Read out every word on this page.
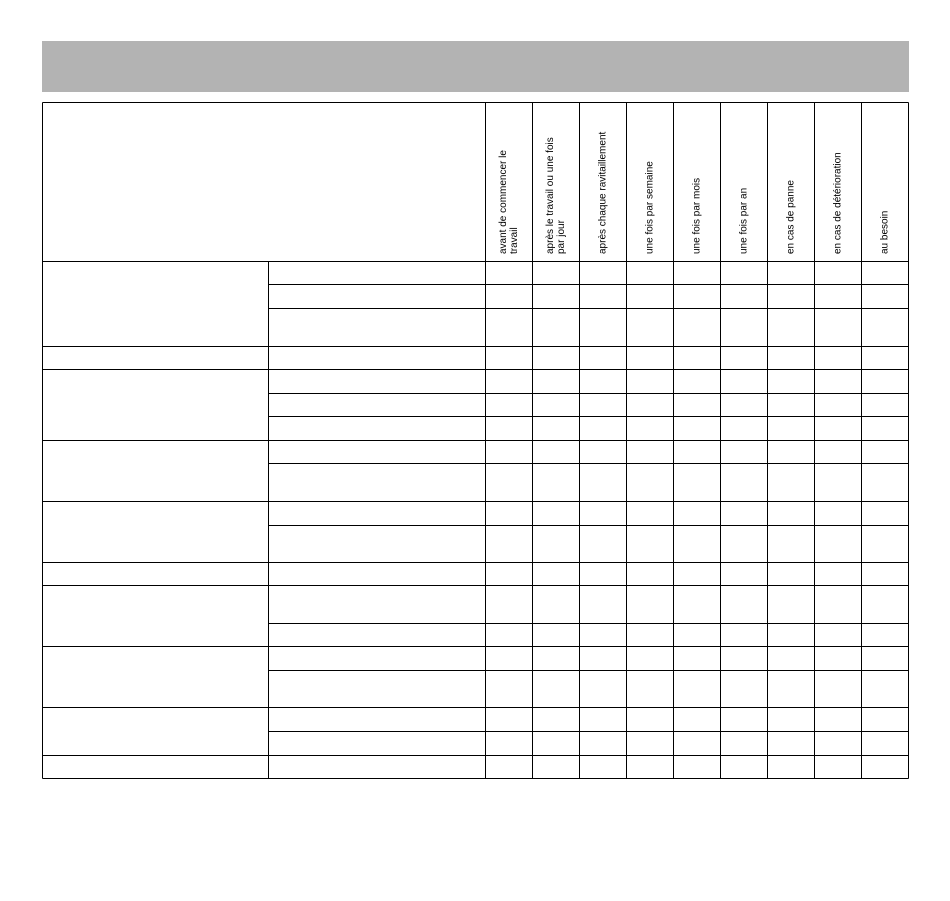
avant de commencer letravail	après le travail ou une foispar jour	après chaque ravitaillement	une fois par semaine	une fois par mois	une fois par an	en cas de panne	en cas de détérioration	au besoin
